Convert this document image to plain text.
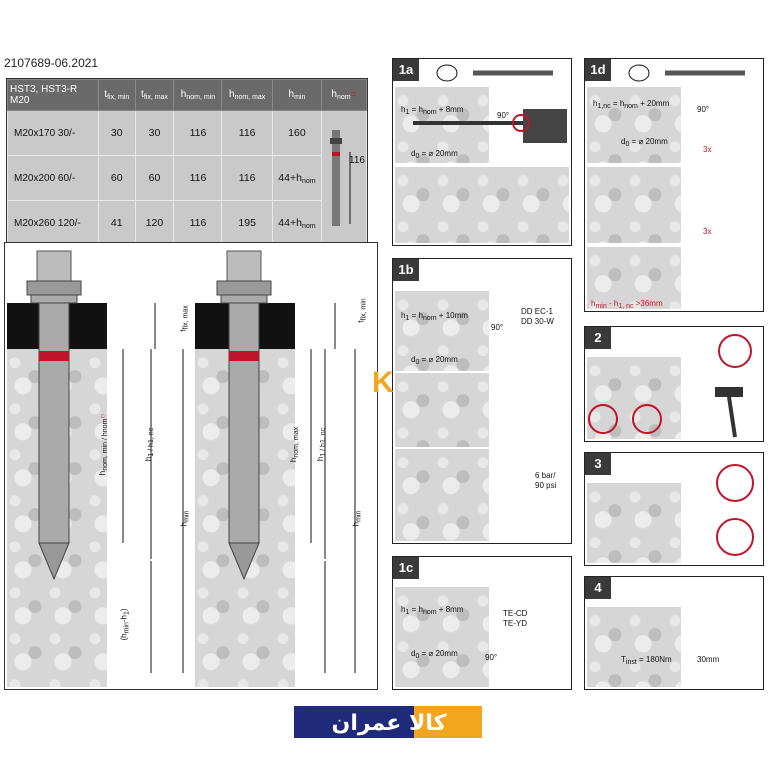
2107689-06.2021
HST3, HST3-R M20	$t_{fix, min}$	$t_{fix, max}$	$h_{nom, min}$	$h_{nom, max}$	$h_{min}$	$h_{nom}○$
M20x170 30/-	30	30	116	116	160	116

M20x200 60/-	60	60	116	116	$44+h_{nom}$
M20x260 120/-	41	120	116	195	$44+h_{nom}$
$t_{fix, max}$	$t_{fix, min}$
$h_{nom, min / hnom}○$
$h_{1 / h1, nc}$
$h_{min}$
$(h_{min}-h_1)$
$h_{nom, max}$
$h_{1 / h1, nc}$
$h_{min}$
1a
$h_1 = h_{nom} + 8mm$
90°
$d_0$ = ⌀ 20mm
1d
$h_{1,nc} = h_{nom} + 20mm$
90°
$d_0$ = ⌀ 20mm
3x
3x
$h_{min} - h_{1, nc} >36mm$
1b
$h_1 = h_{nom} + 10mm$
90°
DD EC-1
DD 30-W
$d_0$ = ⌀ 20mm
6 bar/
90 psi
1c
$h_1 = h_{nom} + 8mm$	TE-CD
TE-YD
$d_0$ = ⌀ 20mm	90°
2
3
4
$T_{inst} = 180Nm$	30mm
K
کالا عمران
